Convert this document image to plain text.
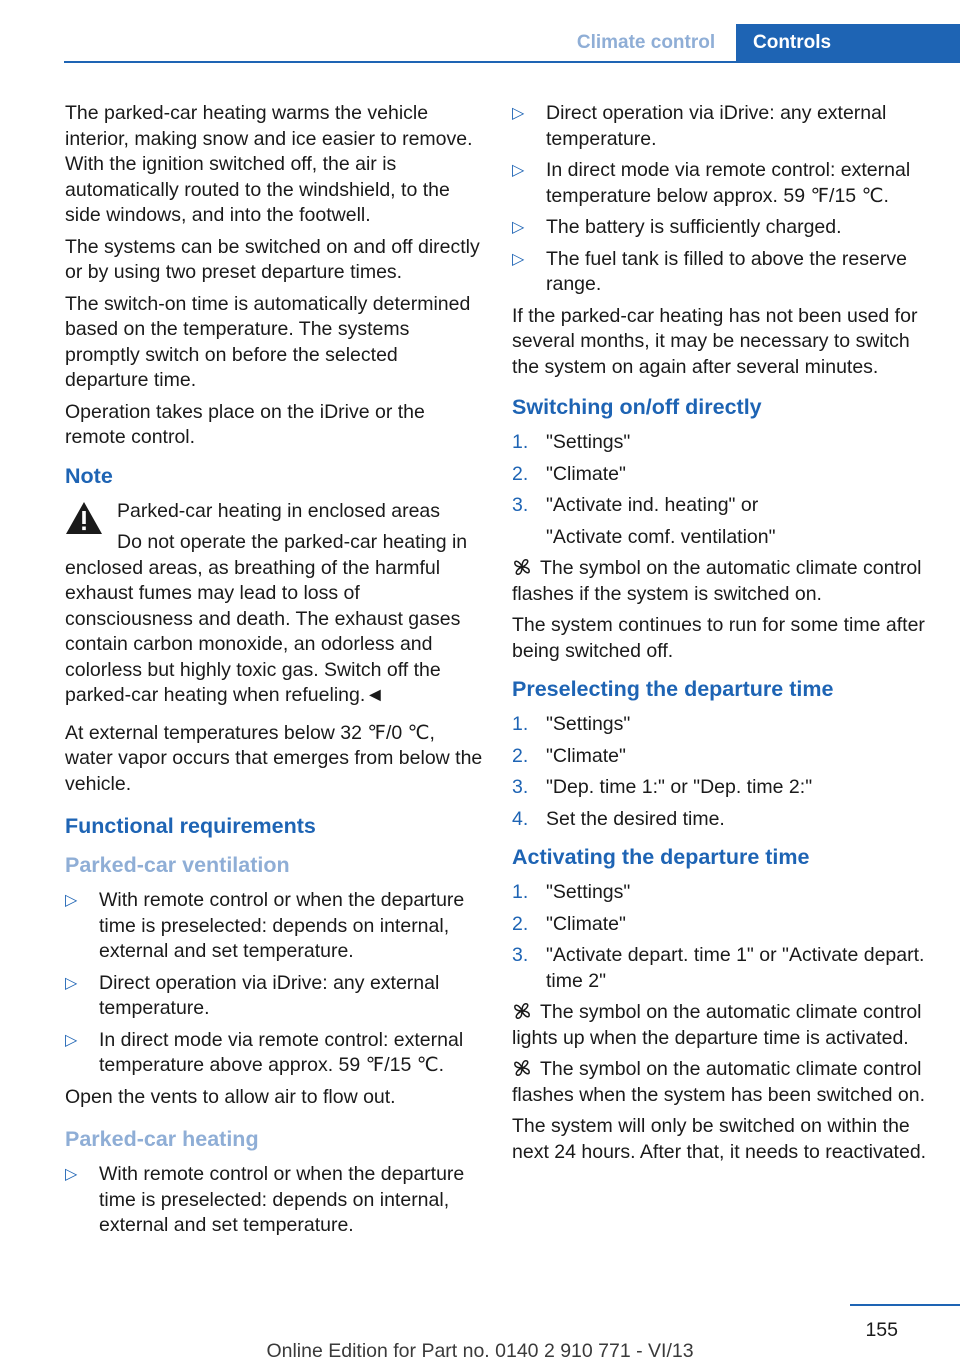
Climate control	Controls

The parked-car heating warms the vehicle interior, making snow and ice easier to remove. With the ignition switched off, the air is automatically routed to the windshield, to the side windows, and into the footwell.

The systems can be switched on and off directly or by using two preset departure times.

The switch-on time is automatically determined based on the temperature. The systems promptly switch on before the selected departure time.

Operation takes place on the iDrive or the remote control.

Note
Parked-car heating in enclosed areas
Do not operate the parked-car heating in enclosed areas, as breathing of the harmful exhaust fumes may lead to loss of consciousness and death. The exhaust gases contain carbon monoxide, an odorless and colorless but highly toxic gas. Switch off the parked-car heating when refueling.◄

At external temperatures below 32 ℉/0 ℃, water vapor occurs that emerges from below the vehicle.

Functional requirements
Parked-car ventilation
▷ With remote control or when the departure time is preselected: depends on internal, external and set temperature.
▷ Direct operation via iDrive: any external temperature.
▷ In direct mode via remote control: external temperature above approx. 59 ℉/15 ℃.

Open the vents to allow air to flow out.

Parked-car heating
▷ With remote control or when the departure time is preselected: depends on internal, external and set temperature.
▷ Direct operation via iDrive: any external temperature.
▷ In direct mode via remote control: external temperature below approx. 59 ℉/15 ℃.
▷ The battery is sufficiently charged.
▷ The fuel tank is filled to above the reserve range.

If the parked-car heating has not been used for several months, it may be necessary to switch the system on again after several minutes.

Switching on/off directly
1. "Settings"
2. "Climate"
3. "Activate ind. heating" or
"Activate comf. ventilation"

The symbol on the automatic climate control flashes if the system is switched on.

The system continues to run for some time after being switched off.

Preselecting the departure time
1. "Settings"
2. "Climate"
3. "Dep. time 1:" or "Dep. time 2:"
4. Set the desired time.
Activating the departure time
1. "Settings"
2. "Climate"
3. "Activate depart. time 1" or "Activate depart. time 2"

The symbol on the automatic climate control lights up when the departure time is activated.

The symbol on the automatic climate control flashes when the system has been switched on.

The system will only be switched on within the next 24 hours. After that, it needs to reactivated.

155
Online Edition for Part no. 0140 2 910 771 - VI/13
